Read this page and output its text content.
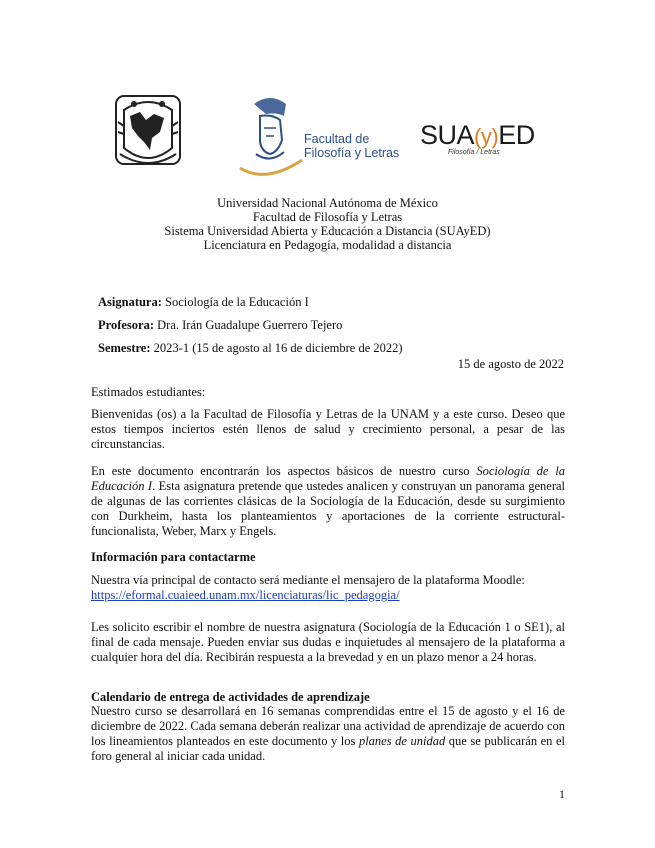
Facultad de
Filosofía y Letras
SUA(y)ED
Filosofía / Letras
Universidad Nacional Autónoma de México
Facultad de Filosofía y Letras
Sistema Universidad Abierta y Educación a Distancia (SUAyED)
Licenciatura en Pedagogía, modalidad a distancia
Asignatura: Sociología de la Educación I
Profesora: Dra. Irán Guadalupe Guerrero Tejero
Semestre: 2023-1 (15 de agosto al 16 de diciembre de 2022)
15 de agosto de 2022
Estimados estudiantes:
Bienvenidas (os) a la Facultad de Filosofía y Letras de la UNAM y a este curso. Deseo que estos tiempos inciertos estén llenos de salud y crecimiento personal, a pesar de las circunstancias.
En este documento encontrarán los aspectos básicos de nuestro curso Sociología de la Educación I. Esta asignatura pretende que ustedes analicen y construyan un panorama general de algunas de las corrientes clásicas de la Sociología de la Educación, desde su surgimiento con Durkheim, hasta los planteamientos y aportaciones de la corriente estructural-funcionalista, Weber, Marx y Engels.
Información para contactarme
Nuestra vía principal de contacto será mediante el mensajero de la plataforma Moodle:
https://eformal.cuaieed.unam.mx/licenciaturas/lic_pedagogia/
Les solicito escribir el nombre de nuestra asignatura (Sociología de la Educación 1 o SE1), al final de cada mensaje. Pueden enviar sus dudas e inquietudes al mensajero de la plataforma a cualquier hora del día. Recibirán respuesta a la brevedad y en un plazo menor a 24 horas.
Calendario de entrega de actividades de aprendizaje
Nuestro curso se desarrollará en 16 semanas comprendidas entre el 15 de agosto y el 16 de diciembre de 2022. Cada semana deberán realizar una actividad de aprendizaje de acuerdo con los lineamientos planteados en este documento y los planes de unidad que se publicarán en el foro general al iniciar cada unidad.
1
